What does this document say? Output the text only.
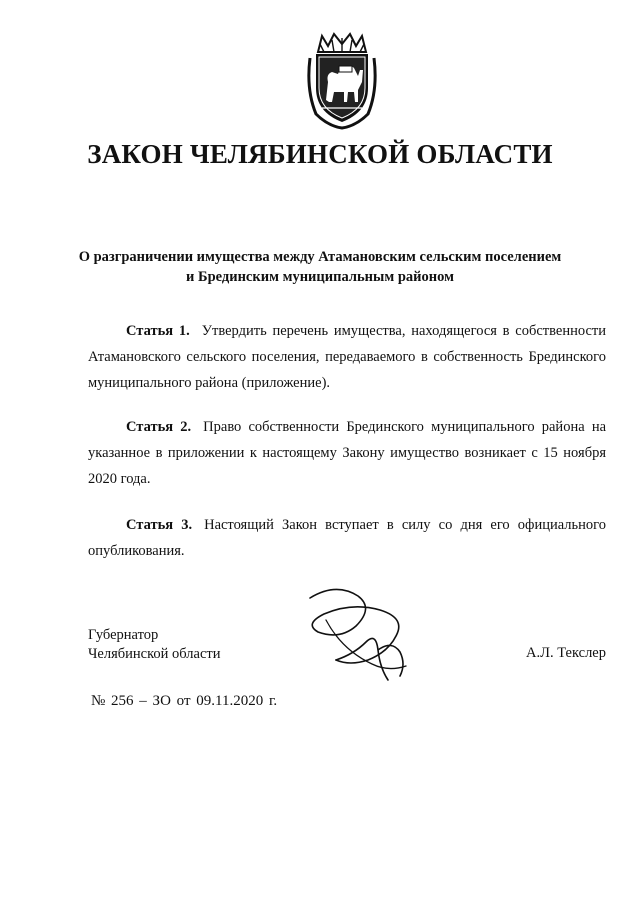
ЗАКОН ЧЕЛЯБИНСКОЙ ОБЛАСТИ
О разграничении имущества между Атамановским сельским поселением
и Брединским муниципальным районом
Статья 1. Утвердить перечень имущества, находящегося в собственности Атамановского сельского поселения, передаваемого в собственность Брединского муниципального района (приложение).
Статья 2. Право собственности Брединского муниципального района на указанное в приложении к настоящему Закону имущество возникает с 15 ноября 2020 года.
Статья 3. Настоящий Закон вступает в силу со дня его официального опубликования.
Губернатор
Челябинской области	А.Л. Текслер
№ 256 – ЗО от 09.11.2020 г.
